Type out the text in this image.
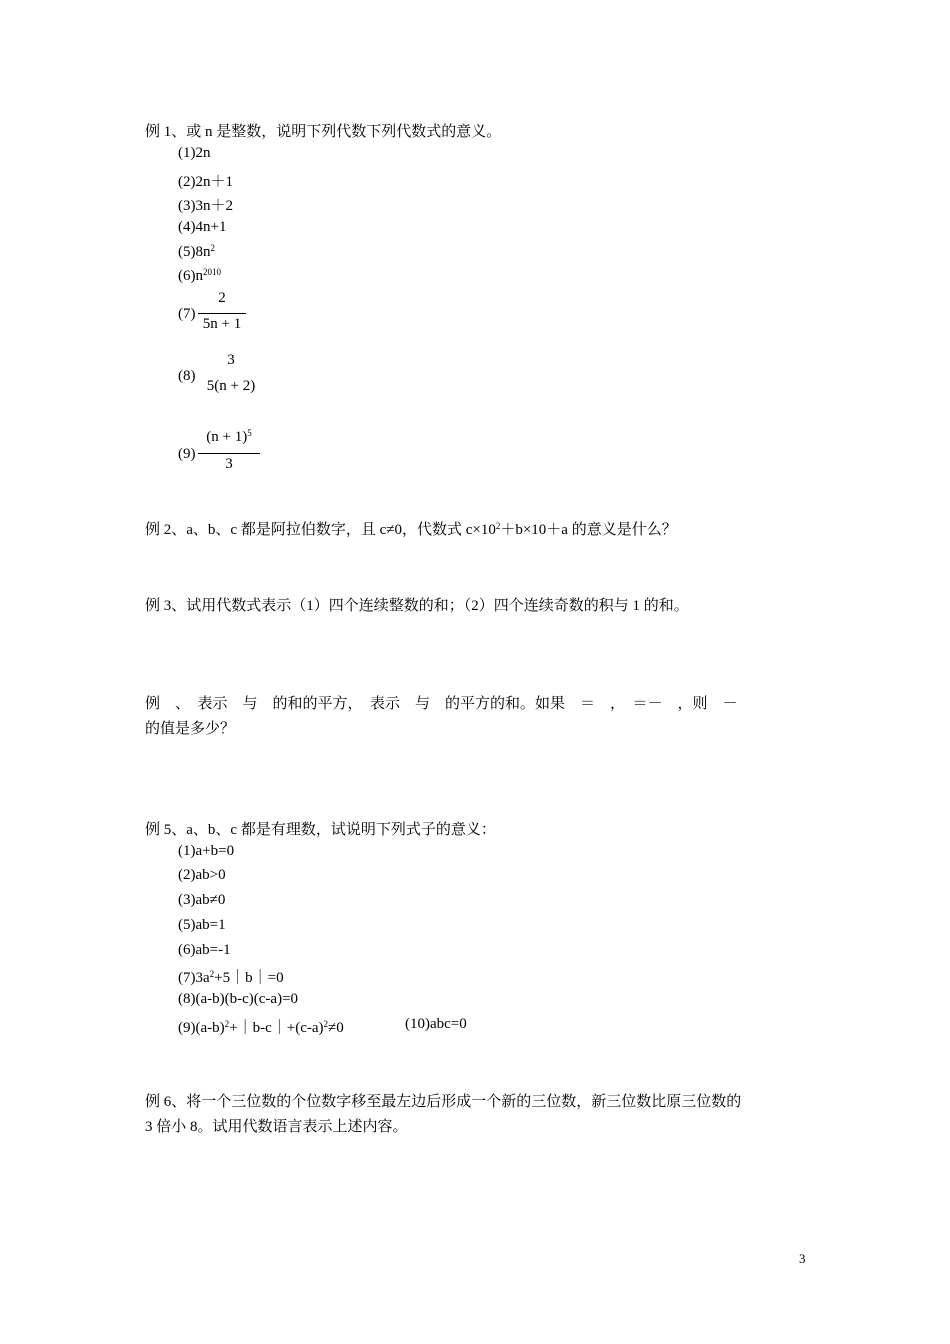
例 1、或 n 是整数，说明下列代数下列代数式的意义。
(1)2n
(2)2n＋1
(3)3n＋2
(4)4n+1
$(5)8n^2$
$(6)n^{2010}$
(7)
2
5n + 1
(8)
3
5(n + 2)
(9)
$(n + 1)^5$
3
例 2、a、b、c 都是阿拉伯数字，且 c≠0，代数式 $c\times 10^2+b\times 10+a$ 的意义是什么？
例 3、试用代数式表示（1）四个连续整数的和；（2）四个连续奇数的积与 1 的和。
例　、　表示　与　的和的平方，　表示　与　的平方的和。如果　＝　，　＝－　，则　－
的值是多少？
例 5、a、b、c 都是有理数，试说明下列式子的意义：
(1)a+b=0
(2)ab>0
(3)ab≠0
(5)ab=1
(6)ab=-1
$(7)3a^2+5|b|=0$
(8)(a-b)(b-c)(c-a)=0
$(9)(a-b)^2+|b-c|+(c-a)^2\ne 0$	(10)abc=0
例 6、将一个三位数的个位数字移至最左边后形成一个新的三位数，新三位数比原三位数的
3 倍小 8。试用代数语言表示上述内容。
3
